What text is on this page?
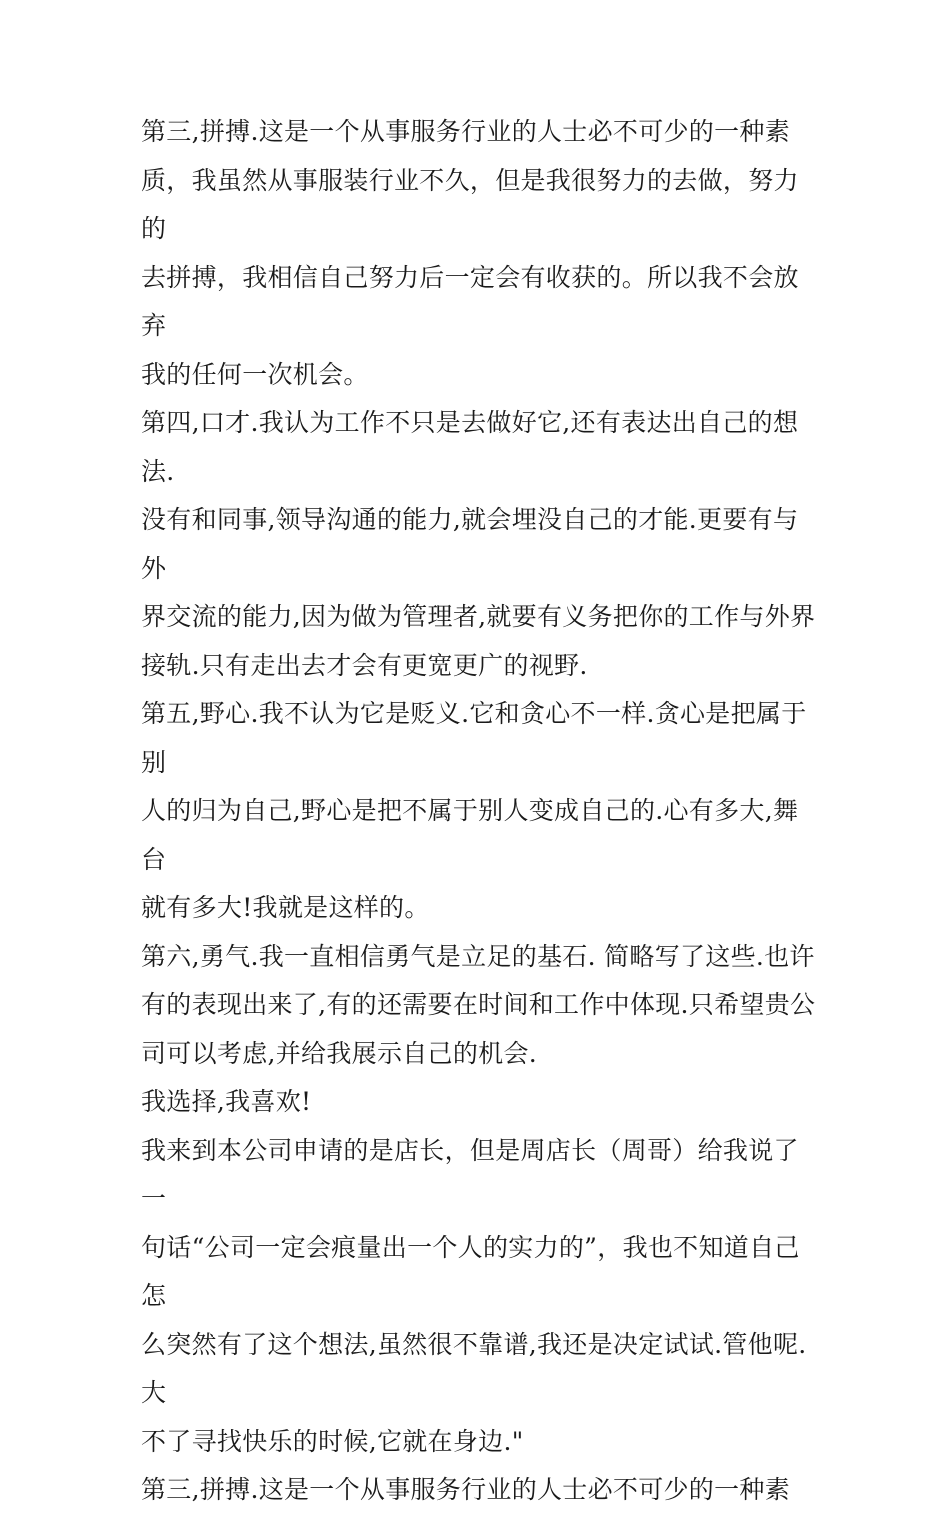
第三,拼搏.这是一个从事服务行业的人士必不可少的一种素
质，我虽然从事服装行业不久，但是我很努力的去做，努力的
去拼搏，我相信自己努力后一定会有收获的。所以我不会放弃
我的任何一次机会。

第四,口才.我认为工作不只是去做好它,还有表达出自己的想法.
没有和同事,领导沟通的能力,就会埋没自己的才能.更要有与外
界交流的能力,因为做为管理者,就要有义务把你的工作与外界
接轨.只有走出去才会有更宽更广的视野.

第五,野心.我不认为它是贬义.它和贪心不一样.贪心是把属于别
人的归为自己,野心是把不属于别人变成自己的.心有多大,舞台
就有多大!我就是这样的。

第六,勇气.我一直相信勇气是立足的基石. 简略写了这些.也许
有的表现出来了,有的还需要在时间和工作中体现.只希望贵公
司可以考虑,并给我展示自己的机会.

我选择,我喜欢!

我来到本公司申请的是店长，但是周店长（周哥）给我说了一
句话“公司一定会痕量出一个人的实力的”，我也不知道自己怎
么突然有了这个想法,虽然很不靠谱,我还是决定试试.管他呢.大
不了寻找快乐的时候,它就在身边."

第三,拼搏.这是一个从事服务行业的人士必不可少的一种素
